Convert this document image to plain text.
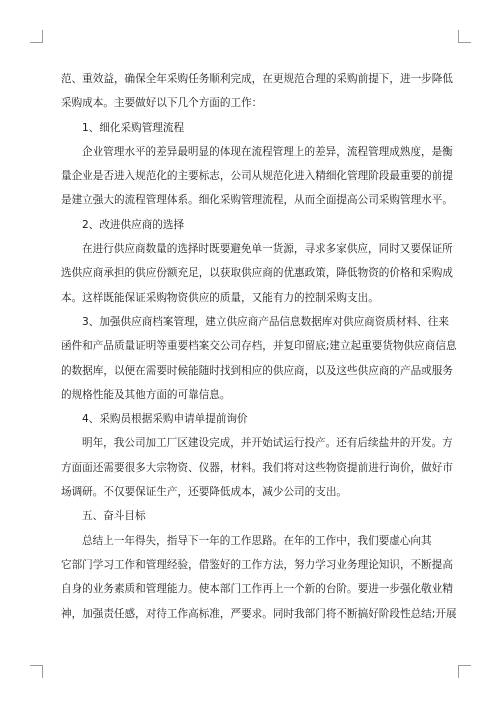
范、重效益，确保全年采购任务顺利完成，在更规范合理的采购前提下，进一步降低

采购成本。主要做好以下几个方面的工作：

1、细化采购管理流程

企业管理水平的差异最明显的体现在流程管理上的差异，流程管理成熟度，是衡

量企业是否进入规范化的主要标志，公司从规范化进入精细化管理阶段最重要的前提

是建立强大的流程管理体系。细化采购管理流程，从而全面提高公司采购管理水平。

2、改进供应商的选择

在进行供应商数量的选择时既要避免单一货源，寻求多家供应，同时又要保证所

选供应商承担的供应份额充足，以获取供应商的优惠政策，降低物资的价格和采购成

本。这样既能保证采购物资供应的质量，又能有力的控制采购支出。

3、加强供应商档案管理，建立供应商产品信息数据库对供应商资质材料、往来

函件和产品质量证明等重要档案交公司存档，并复印留底;建立起重要货物供应商信息

的数据库，以便在需要时候能随时找到相应的供应商，以及这些供应商的产品或服务

的规格性能及其他方面的可靠信息。

4、采购员根据采购申请单提前询价

明年，我公司加工厂区建设完成，并开始试运行投产。还有后续盐井的开发。方

方面面还需要很多大宗物资、仪器，材料。我们将对这些物资提前进行询价，做好市

场调研。不仅要保证生产，还要降低成本，减少公司的支出。

五、奋斗目标

总结上一年得失，指导下一年的工作思路。在年的工作中，我们要虚心向其

它部门学习工作和管理经验，借鉴好的工作方法，努力学习业务理论知识，不断提高

自身的业务素质和管理能力。使本部门工作再上一个新的台阶。要进一步强化敬业精

神，加强责任感，对待工作高标准，严要求。同时我部门将不断搞好阶段性总结;开展
